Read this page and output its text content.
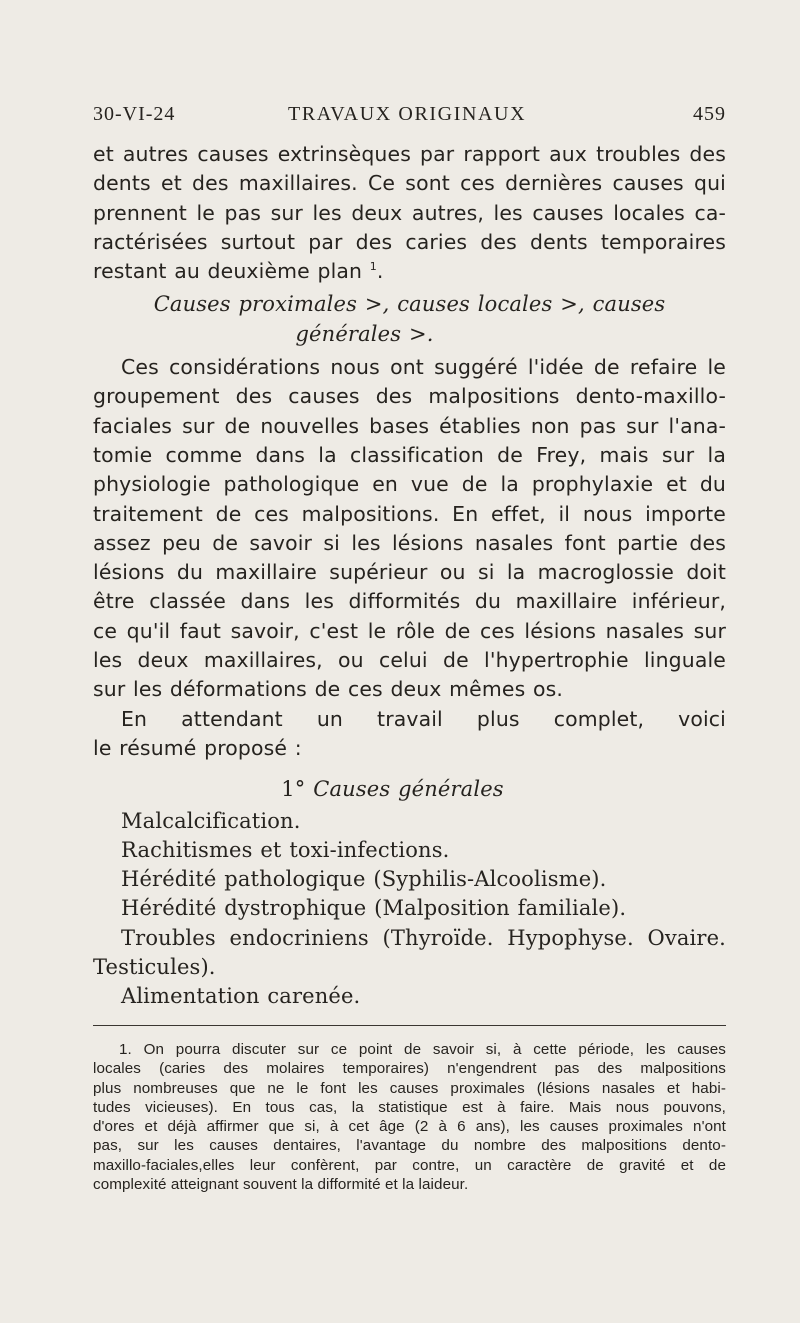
30-VI-24	TRAVAUX ORIGINAUX	459
et autres causes extrinsèques par rapport aux troubles des
dents et des maxillaires. Ce sont ces dernières causes qui
prennent le pas sur les deux autres, les causes locales ca-
ractérisées surtout par des caries des dents temporaires
restant au deuxième plan $^1$.
Causes proximales >, causes locales >, causes
générales >.
Ces considérations nous ont suggéré l'idée de refaire le
groupement des causes des malpositions dento-maxillo-
faciales sur de nouvelles bases établies non pas sur l'ana-
tomie comme dans la classification de Frey, mais sur la
physiologie pathologique en vue de la prophylaxie et du
traitement de ces malpositions. En effet, il nous importe
assez peu de savoir si les lésions nasales font partie des
lésions du maxillaire supérieur ou si la macroglossie doit
être classée dans les difformités du maxillaire inférieur,
ce qu'il faut savoir, c'est le rôle de ces lésions nasales sur
les deux maxillaires, ou celui de l'hypertrophie linguale
sur les déformations de ces deux mêmes os.
En attendant un travail plus complet, voici
le résumé proposé :
1° Causes générales
Malcalcification.
Rachitismes et toxi-infections.
Hérédité pathologique (Syphilis-Alcoolisme).
Hérédité dystrophique (Malposition familiale).
Troubles endocriniens (Thyroïde. Hypophyse. Ovaire.
Testicules).
Alimentation carenée.
1. On pourra discuter sur ce point de savoir si, à cette période, les causes
locales (caries des molaires temporaires) n'engendrent pas des malpositions
plus nombreuses que ne le font les causes proximales (lésions nasales et habi-
tudes vicieuses). En tous cas, la statistique est à faire. Mais nous pouvons,
d'ores et déjà affirmer que si, à cet âge (2 à 6 ans), les causes proximales n'ont
pas, sur les causes dentaires, l'avantage du nombre des malpositions dento-
maxillo-faciales,elles leur confèrent, par contre, un caractère de gravité et de
complexité atteignant souvent la difformité et la laideur.
